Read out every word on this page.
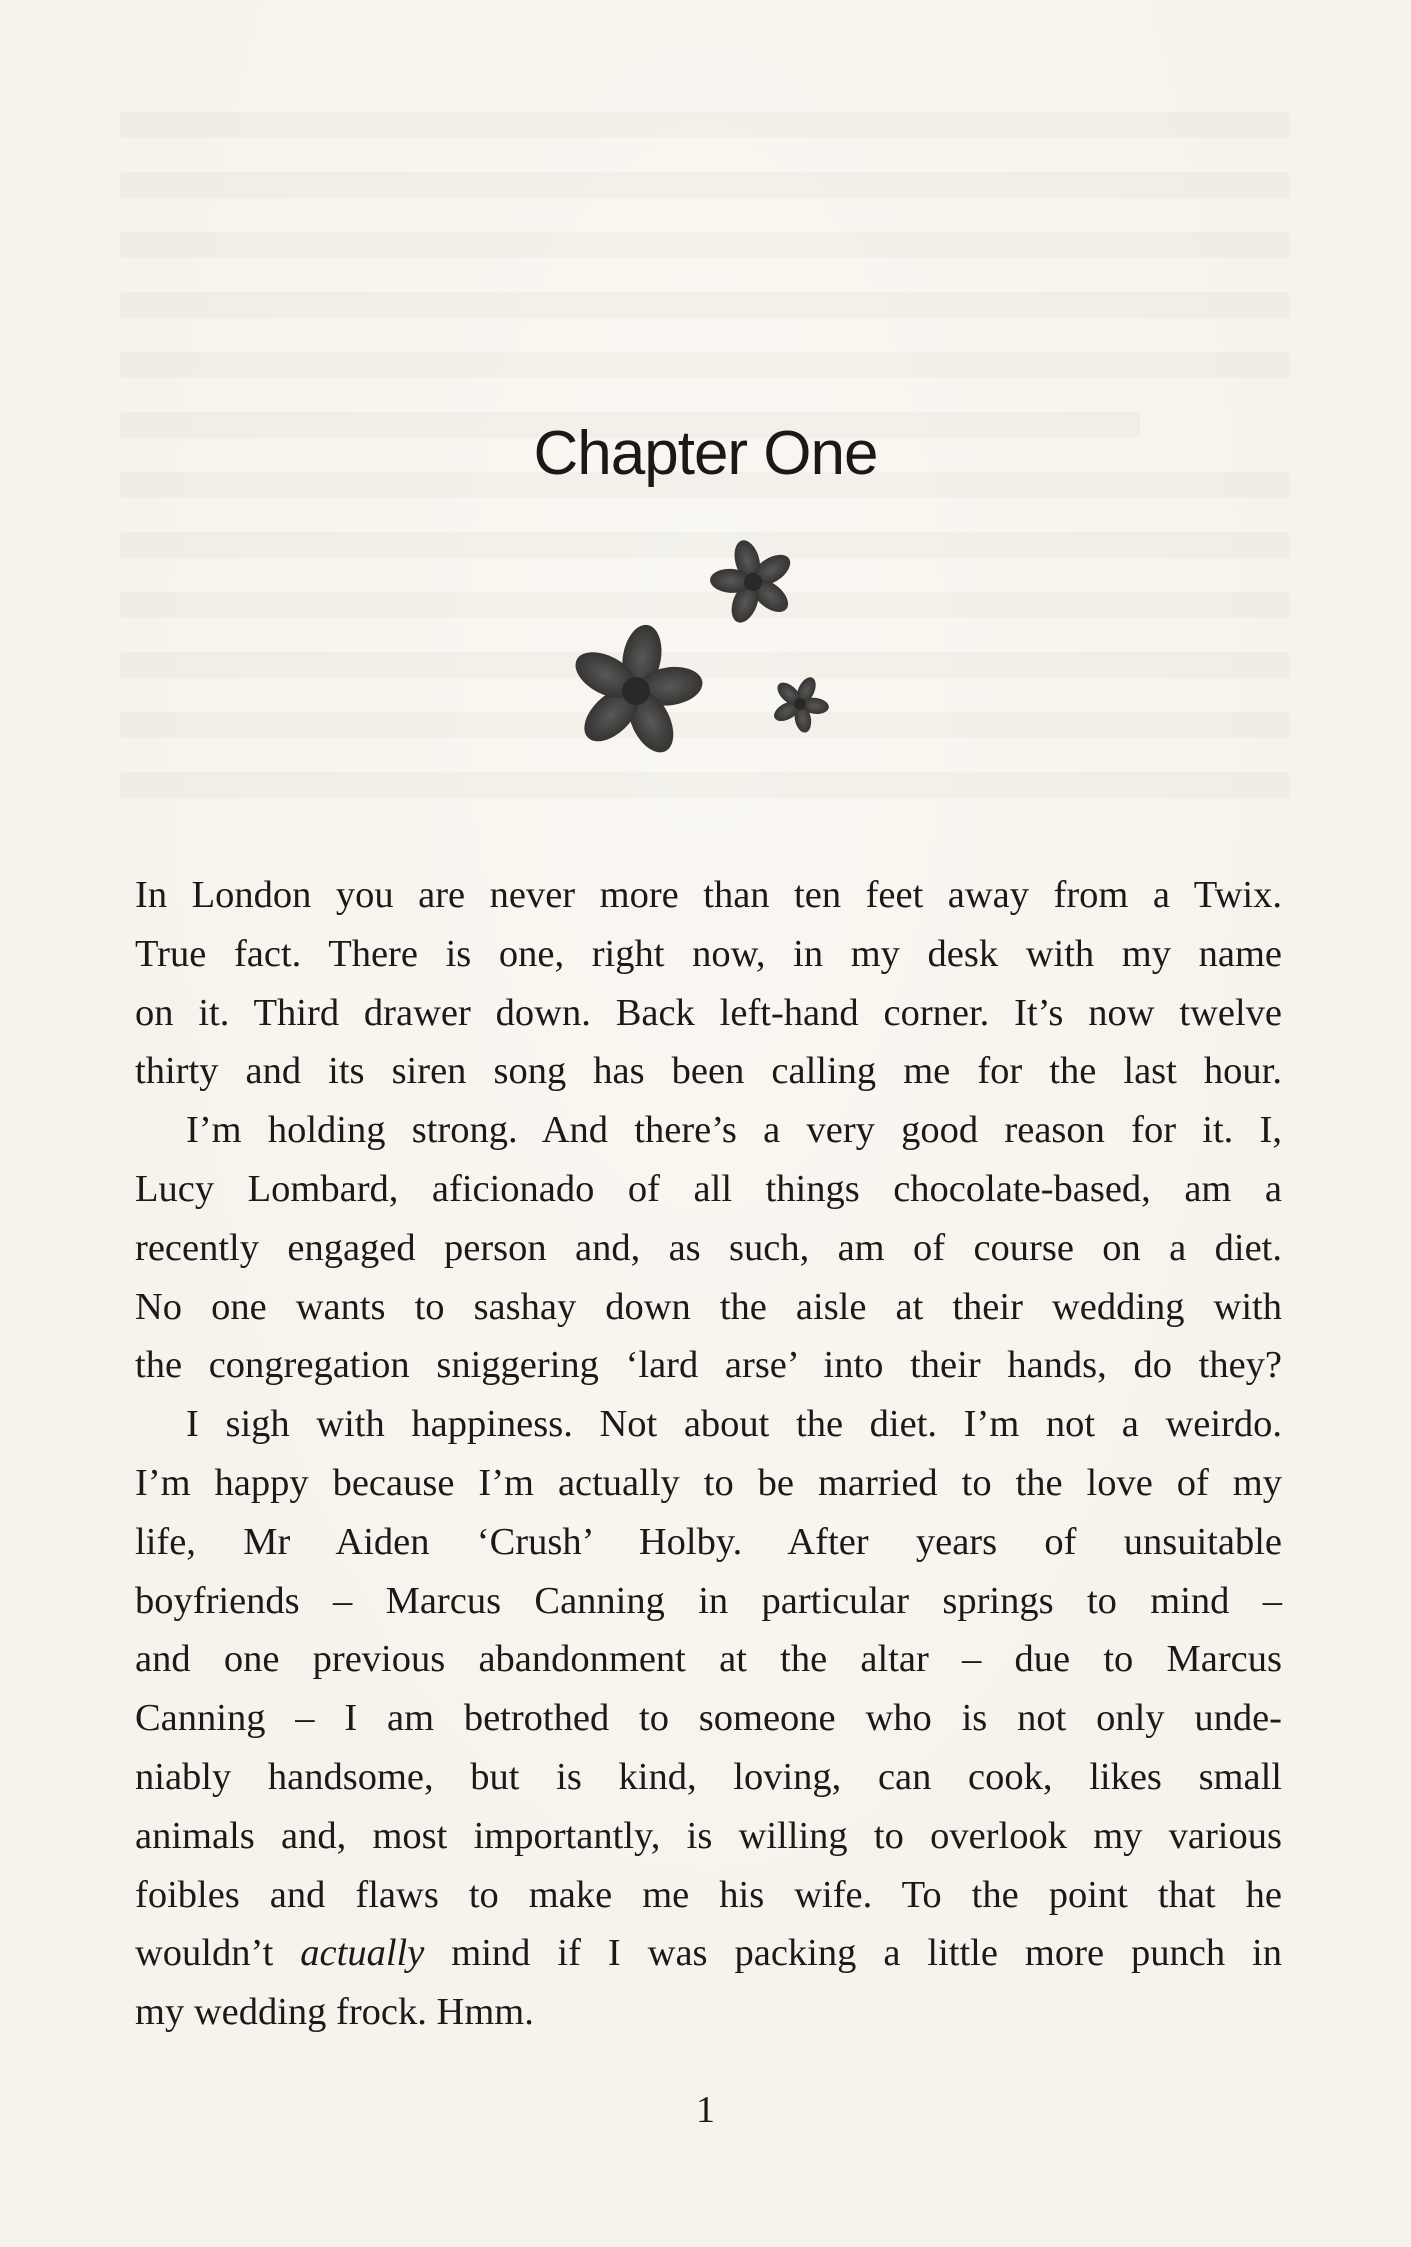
Chapter One
In London you are never more than ten feet away from a Twix.
True fact. There is one, right now, in my desk with my name
on it. Third drawer down. Back left-hand corner. It’s now twelve
thirty and its siren song has been calling me for the last hour.
I’m holding strong. And there’s a very good reason for it. I,
Lucy Lombard, aficionado of all things chocolate-based, am a
recently engaged person and, as such, am of course on a diet.
No one wants to sashay down the aisle at their wedding with
the congregation sniggering ‘lard arse’ into their hands, do they?
I sigh with happiness. Not about the diet. I’m not a weirdo.
I’m happy because I’m actually to be married to the love of my
life, Mr Aiden ‘Crush’ Holby. After years of unsuitable
boyfriends – Marcus Canning in particular springs to mind –
and one previous abandonment at the altar – due to Marcus
Canning – I am betrothed to someone who is not only unde-
niably handsome, but is kind, loving, can cook, likes small
animals and, most importantly, is willing to overlook my various
foibles and flaws to make me his wife. To the point that he
wouldn’t actually mind if I was packing a little more punch in
my wedding frock. Hmm.

1
